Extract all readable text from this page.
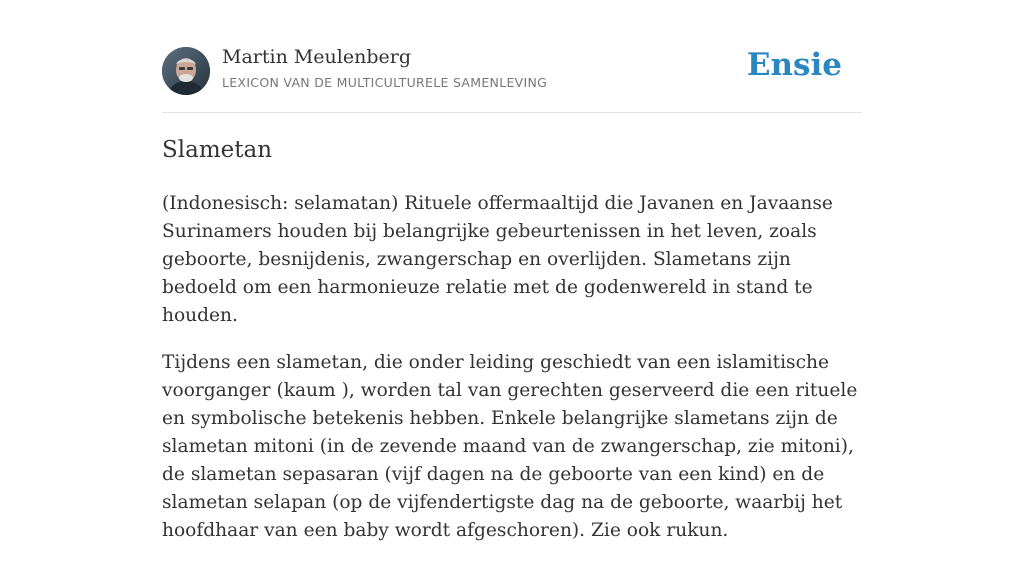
Martin Meulenberg
LEXICON VAN DE MULTICULTURELE SAMENLEVING	Ensie
Slametan

(Indonesisch: selamatan) Rituele offermaaltijd die Javanen en Javaanse Surinamers houden bij belangrijke gebeurtenissen in het leven, zoals geboorte, besnijdenis, zwangerschap en overlijden. Slametans zijn bedoeld om een harmonieuze relatie met de godenwereld in stand te houden.

Tijdens een slametan, die onder leiding geschiedt van een islamitische voorganger (kaum ), worden tal van gerechten geserveerd die een rituele en symbolische betekenis hebben. Enkele belangrijke slametans zijn de slametan mitoni (in de zevende maand van de zwangerschap, zie mitoni), de slametan sepasaran (vijf dagen na de geboorte van een kind) en de slametan selapan (op de vijfendertigste dag na de geboorte, waarbij het hoofdhaar van een baby wordt afgeschoren). Zie ook rukun.
